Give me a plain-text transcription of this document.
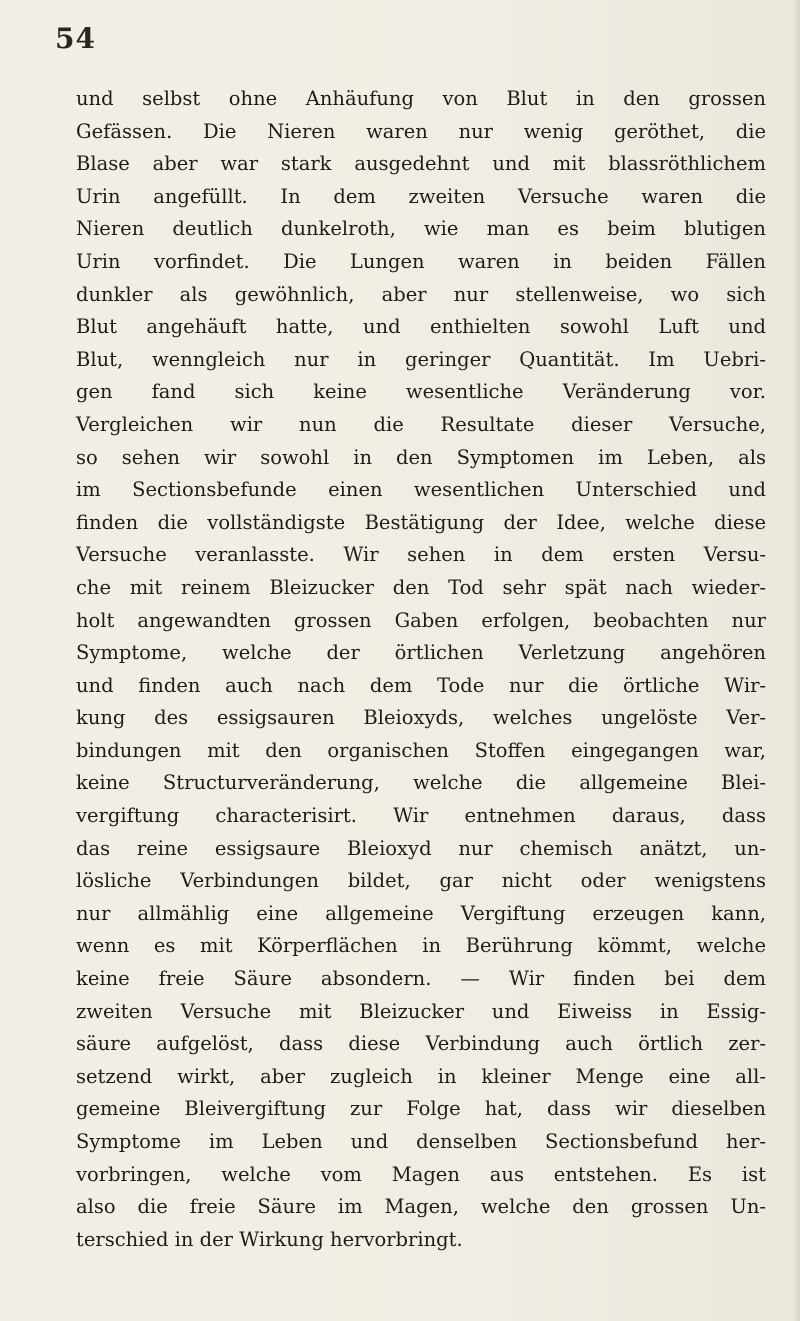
54
und selbst ohne Anhäufung von Blut in den grossen
Gefässen. Die Nieren waren nur wenig geröthet, die
Blase aber war stark ausgedehnt und mit blassröthlichem
Urin angefüllt. In dem zweiten Versuche waren die
Nieren deutlich dunkelroth, wie man es beim blutigen
Urin vorfindet. Die Lungen waren in beiden Fällen
dunkler als gewöhnlich, aber nur stellenweise, wo sich
Blut angehäuft hatte, und enthielten sowohl Luft und
Blut, wenngleich nur in geringer Quantität. Im Uebri-
gen fand sich keine wesentliche Veränderung vor.
Vergleichen wir nun die Resultate dieser Versuche,
so sehen wir sowohl in den Symptomen im Leben, als
im Sectionsbefunde einen wesentlichen Unterschied und
finden die vollständigste Bestätigung der Idee, welche diese
Versuche veranlasste. Wir sehen in dem ersten Versu-
che mit reinem Bleizucker den Tod sehr spät nach wieder-
holt angewandten grossen Gaben erfolgen, beobachten nur
Symptome, welche der örtlichen Verletzung angehören
und finden auch nach dem Tode nur die örtliche Wir-
kung des essigsauren Bleioxyds, welches ungelöste Ver-
bindungen mit den organischen Stoffen eingegangen war,
keine Structurveränderung, welche die allgemeine Blei-
vergiftung characterisirt. Wir entnehmen daraus, dass
das reine essigsaure Bleioxyd nur chemisch anätzt, un-
lösliche Verbindungen bildet, gar nicht oder wenigstens
nur allmählig eine allgemeine Vergiftung erzeugen kann,
wenn es mit Körperflächen in Berührung kömmt, welche
keine freie Säure absondern. — Wir finden bei dem
zweiten Versuche mit Bleizucker und Eiweiss in Essig-
säure aufgelöst, dass diese Verbindung auch örtlich zer-
setzend wirkt, aber zugleich in kleiner Menge eine all-
gemeine Bleivergiftung zur Folge hat, dass wir dieselben
Symptome im Leben und denselben Sectionsbefund her-
vorbringen, welche vom Magen aus entstehen. Es ist
also die freie Säure im Magen, welche den grossen Un-
terschied in der Wirkung hervorbringt.
